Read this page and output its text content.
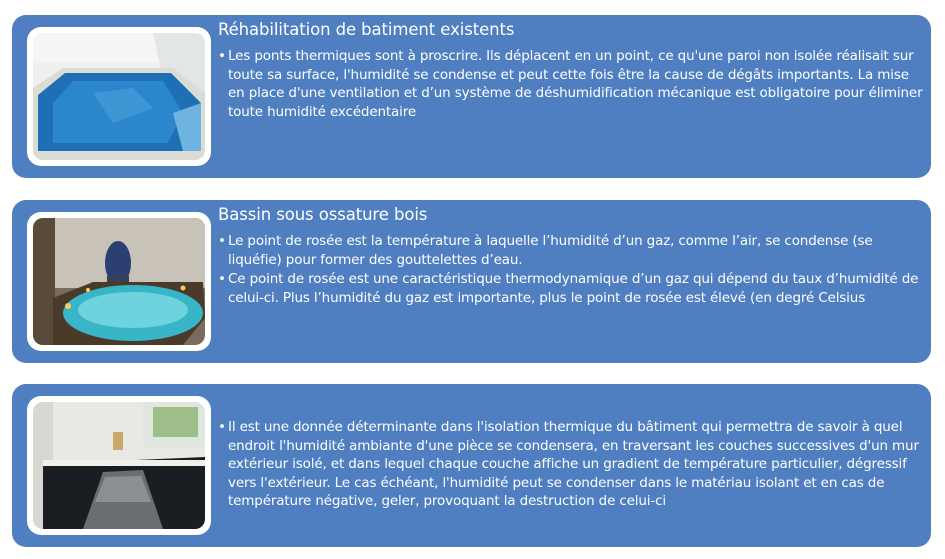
Réhabilitation de batiment existents
• Les ponts thermiques sont à proscrire. Ils déplacent en un point, ce qu'une paroi non isolée réalisait sur toute sa surface, l'humidité se condense et peut cette fois être la cause de dégâts importants. La mise en place d'une ventilation et d’un système de déshumidification mécanique est obligatoire pour éliminer toute humidité excédentaire
Bassin sous ossature bois
• Le point de rosée est la température à laquelle l’humidité d’un gaz, comme l’air, se condense (se liquéfie) pour former des gouttelettes d’eau.
• Ce point de rosée est une caractéristique thermodynamique d’un gaz qui dépend du taux d’humidité de celui-ci. Plus l’humidité du gaz est importante, plus le point de rosée est élevé (en degré Celsius
• Il est une donnée déterminante dans l'isolation thermique du bâtiment qui permettra de savoir à quel endroit l'humidité ambiante d'une pièce se condensera, en traversant les couches successives d'un mur extérieur isolé, et dans lequel chaque couche affiche un gradient de température particulier, dégressif vers l'extérieur. Le cas échéant, l'humidité peut se condenser dans le matériau isolant et en cas de température négative, geler, provoquant la destruction de celui-ci
